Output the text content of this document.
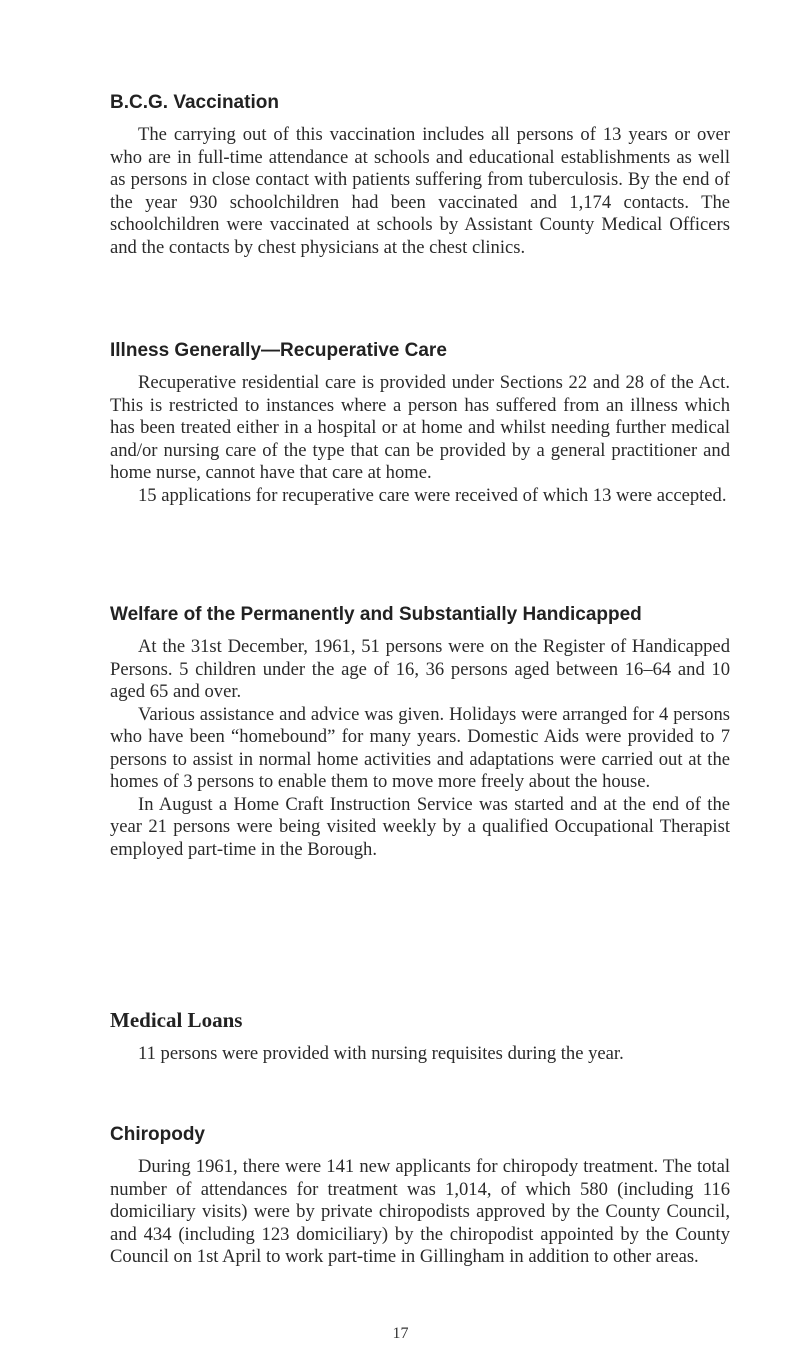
B.C.G. Vaccination

The carrying out of this vaccination includes all persons of 13 years or over who are in full-time attendance at schools and educational establishments as well as persons in close contact with patients suffering from tuberculosis. By the end of the year 930 schoolchildren had been vaccinated and 1,174 contacts. The schoolchildren were vaccinated at schools by Assistant County Medical Officers and the contacts by chest physicians at the chest clinics.

Illness Generally—Recuperative Care

Recuperative residential care is provided under Sections 22 and 28 of the Act. This is restricted to instances where a person has suffered from an illness which has been treated either in a hospital or at home and whilst needing further medical and/or nursing care of the type that can be provided by a general practitioner and home nurse, cannot have that care at home.

15 applications for recuperative care were received of which 13 were accepted.

Welfare of the Permanently and Substantially Handicapped

At the 31st December, 1961, 51 persons were on the Register of Handicapped Persons. 5 children under the age of 16, 36 persons aged between 16–64 and 10 aged 65 and over.

Various assistance and advice was given. Holidays were arranged for 4 persons who have been “homebound” for many years. Domestic Aids were provided to 7 persons to assist in normal home activities and adaptations were carried out at the homes of 3 persons to enable them to move more freely about the house.

In August a Home Craft Instruction Service was started and at the end of the year 21 persons were being visited weekly by a qualified Occupational Therapist employed part-time in the Borough.

Medical Loans

11 persons were provided with nursing requisites during the year.

Chiropody

During 1961, there were 141 new applicants for chiropody treatment. The total number of attendances for treatment was 1,014, of which 580 (including 116 domiciliary visits) were by private chiropodists approved by the County Council, and 434 (including 123 domiciliary) by the chiropodist appointed by the County Council on 1st April to work part-time in Gillingham in addition to other areas.

17
